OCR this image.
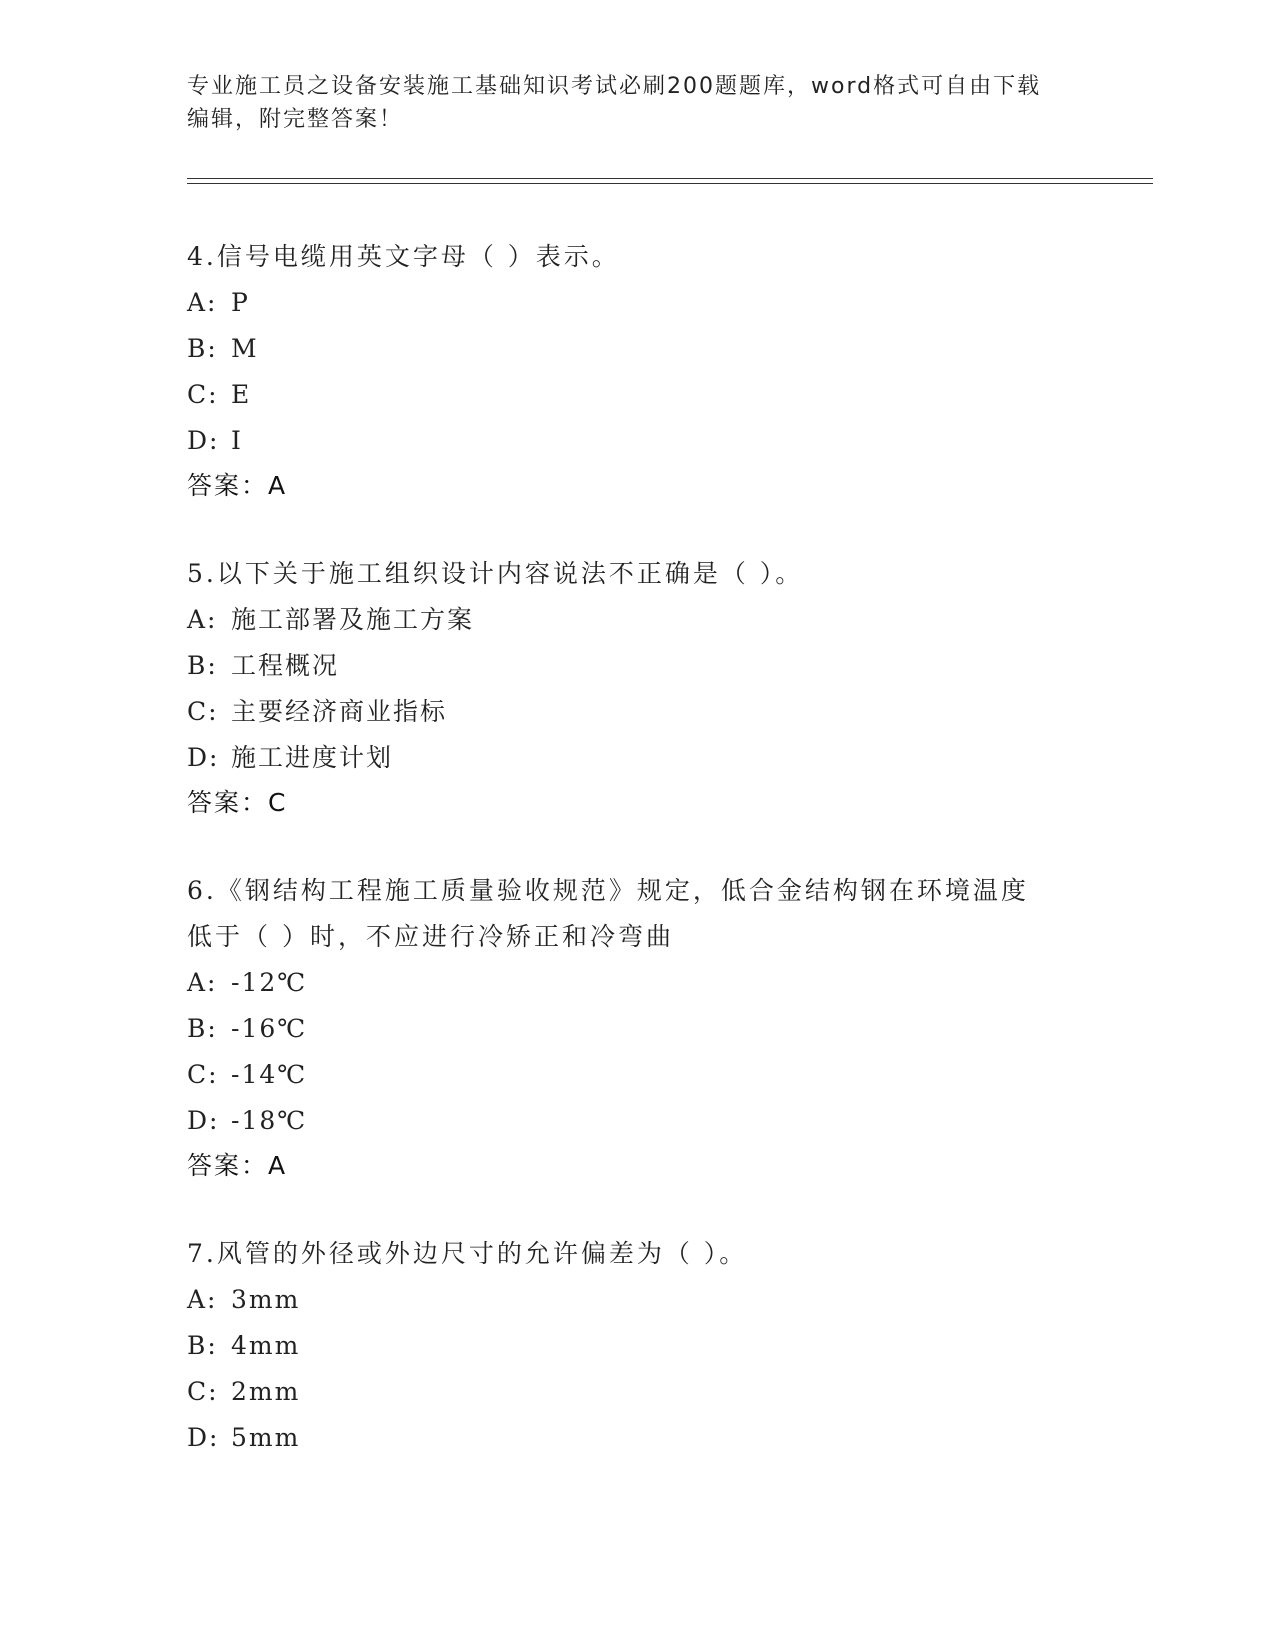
专业施工员之设备安装施工基础知识考试必刷200题题库，word格式可自由下载
编辑，附完整答案！

4.信号电缆用英文字母（ ）表示。

A: P

B: M

C: E

D: I

答案：A

5.以下关于施工组织设计内容说法不正确是（ ）。

A: 施工部署及施工方案

B: 工程概况

C: 主要经济商业指标

D: 施工进度计划

答案：C

6.《钢结构工程施工质量验收规范》规定，低合金结构钢在环境温度

低于（ ）时，不应进行冷矫正和冷弯曲

A: -12℃

B: -16℃

C: -14℃

D: -18℃

答案：A

7.风管的外径或外边尺寸的允许偏差为（ ）。

A: 3mm

B: 4mm

C: 2mm

D: 5mm
